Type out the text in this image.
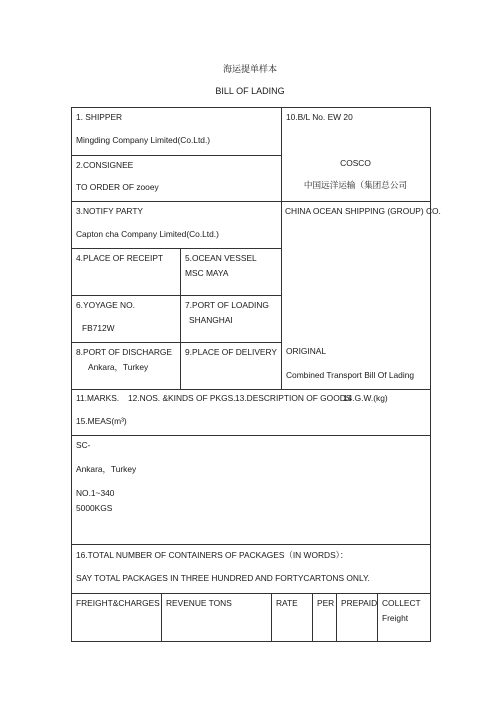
海运提单样本
BILL OF LADING
1. SHIPPER
Mingding Company Limited(Co.Ltd.)
10.B/L No. EW 20
COSCO
中国远洋运输（集团总公司
CHINA OCEAN SHIPPING (GROUP) CO.
ORIGINAL
Combined Transport Bill Of Lading
2.CONSIGNEE
TO ORDER OF zooey
3.NOTIFY PARTY
Capton cha Company Limited(Co.Ltd.)
4.PLACE OF RECEIPT	5.OCEAN VESSEL
MSC MAYA
6.YOYAGE NO.
FB712W
7.PORT OF LOADING
SHANGHAI
8.PORT OF DISCHARGE
Ankara，Turkey
9.PLACE OF DELIVERY
11.MARKS. 12.NOS. &KINDS OF PKGS. 13.DESCRIPTION OF GOODS
14.G.W.(kg)
15.MEAS(m³)
SC-
Ankara，Turkey
NO.1~340
5000KGS
16.TOTAL NUMBER OF CONTAINERS OF PACKAGES（IN WORDS）：
SAY TOTAL PACKAGES IN THREE HUNDRED AND FORTYCARTONS ONLY.
FREIGHT&CHARGES REVENUE TONS	RATE PER PREPAID COLLECT
Freight
